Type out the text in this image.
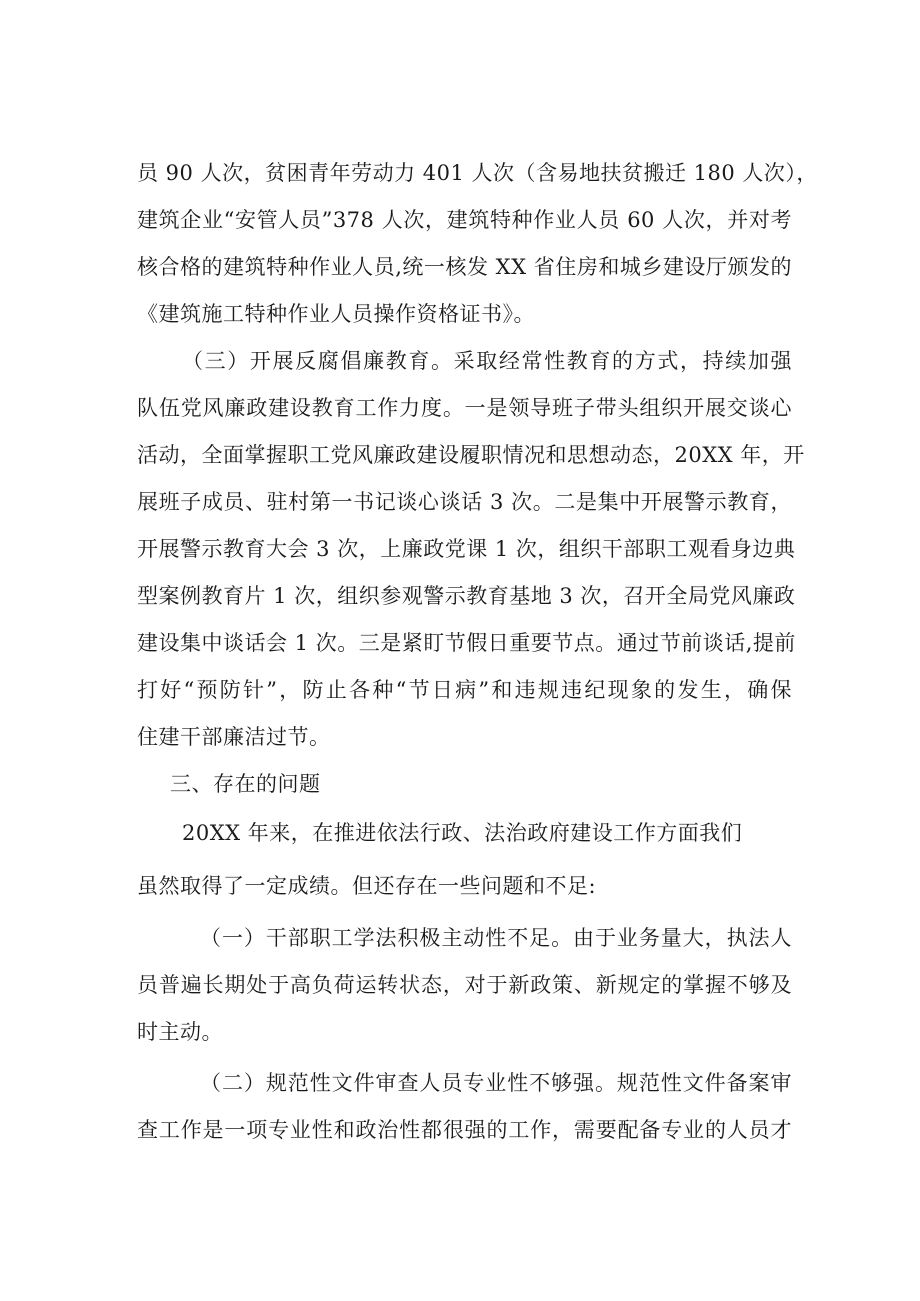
员 90 人次，贫困青年劳动力 401 人次（含易地扶贫搬迁 180 人次），
建筑企业“安管人员”378 人次，建筑特种作业人员 60 人次，并对考
核合格的建筑特种作业人员,统一核发 XX 省住房和城乡建设厅颁发的
《建筑施工特种作业人员操作资格证书》。
（三）开展反腐倡廉教育。采取经常性教育的方式，持续加强
队伍党风廉政建设教育工作力度。一是领导班子带头组织开展交谈心
活动，全面掌握职工党风廉政建设履职情况和思想动态，20XX 年，开
展班子成员、驻村第一书记谈心谈话 3 次。二是集中开展警示教育，
开展警示教育大会 3 次，上廉政党课 1 次，组织干部职工观看身边典
型案例教育片 1 次，组织参观警示教育基地 3 次，召开全局党风廉政
建设集中谈话会 1 次。三是紧盯节假日重要节点。通过节前谈话,提前
打好“预防针”，防止各种“节日病”和违规违纪现象的发生，确保
住建干部廉洁过节。
三、存在的问题
20XX 年来，在推进依法行政、法治政府建设工作方面我们
虽然取得了一定成绩。但还存在一些问题和不足:
（一）干部职工学法积极主动性不足。由于业务量大，执法人
员普遍长期处于高负荷运转状态，对于新政策、新规定的掌握不够及
时主动。
（二）规范性文件审查人员专业性不够强。规范性文件备案审
查工作是一项专业性和政治性都很强的工作，需要配备专业的人员才
